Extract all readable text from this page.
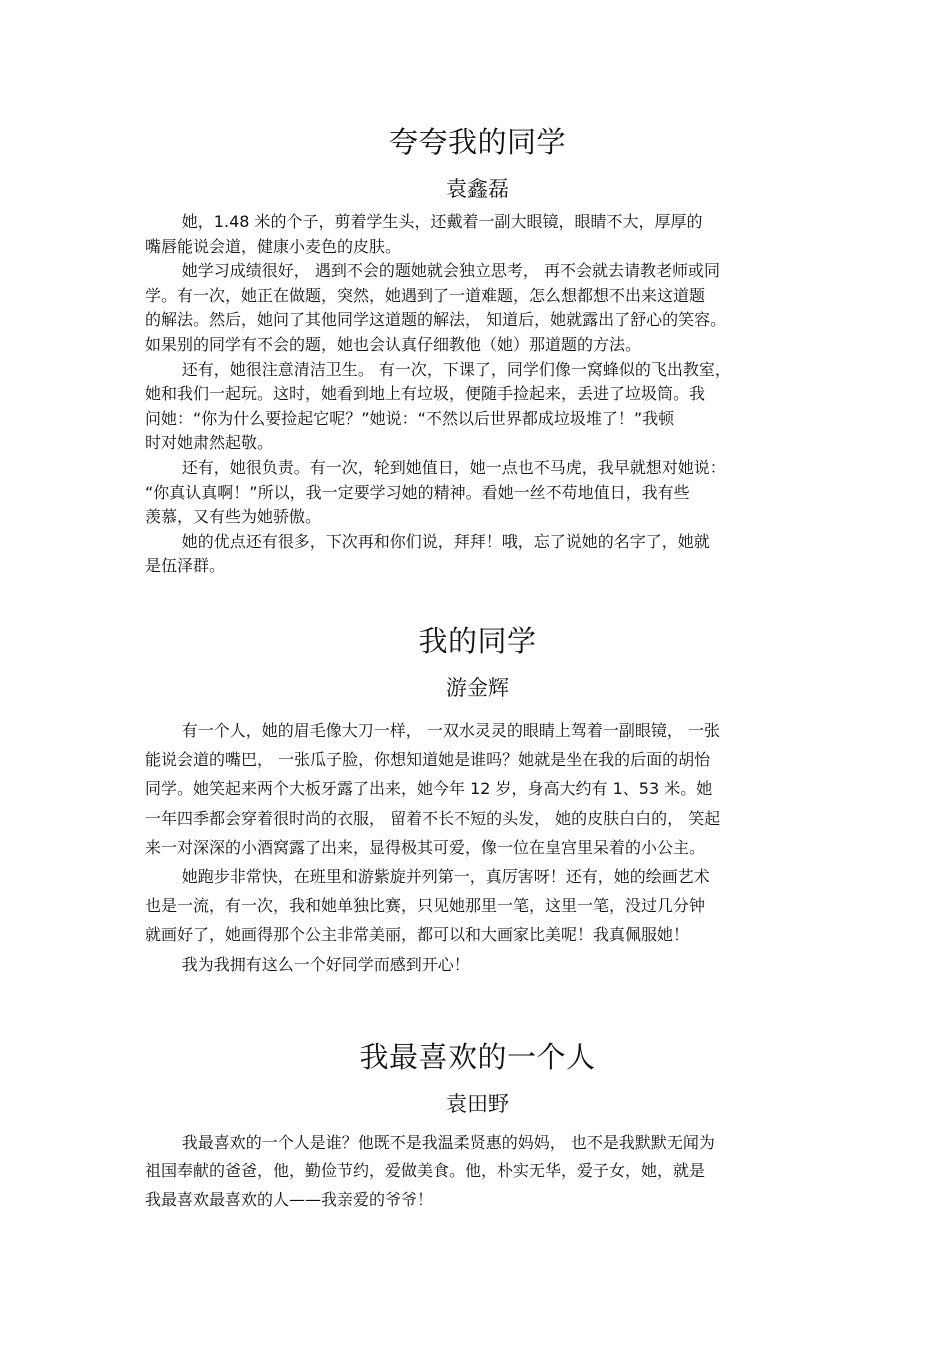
夸夸我的同学
袁鑫磊

她，1.48 米的个子，剪着学生头，还戴着一副大眼镜，眼睛不大，厚厚的
嘴唇能说会道，健康小麦色的皮肤。

她学习成绩很好， 遇到不会的题她就会独立思考， 再不会就去请教老师或同
学。有一次，她正在做题，突然，她遇到了一道难题，怎么想都想不出来这道题
的解法。然后，她问了其他同学这道题的解法， 知道后，她就露出了舒心的笑容。
如果别的同学有不会的题，她也会认真仔细教他（她）那道题的方法。

还有，她很注意清洁卫生。 有一次，下课了，同学们像一窝蜂似的飞出教室，
她和我们一起玩。这时，她看到地上有垃圾，便随手捡起来，丢进了垃圾筒。我
问她：“你为什么要捡起它呢？”她说：“不然以后世界都成垃圾堆了！”我顿
时对她肃然起敬。

还有，她很负责。有一次，轮到她值日，她一点也不马虎，我早就想对她说：
“你真认真啊！”所以，我一定要学习她的精神。看她一丝不苟地值日，我有些
羡慕，又有些为她骄傲。

她的优点还有很多，下次再和你们说，拜拜！哦，忘了说她的名字了，她就
是伍泽群。

我的同学
游金辉

有一个人，她的眉毛像大刀一样， 一双水灵灵的眼睛上驾着一副眼镜， 一张
能说会道的嘴巴， 一张瓜子脸，你想知道她是谁吗？她就是坐在我的后面的胡怡
同学。她笑起来两个大板牙露了出来，她今年 12 岁，身高大约有 1、53 米。她
一年四季都会穿着很时尚的衣服， 留着不长不短的头发， 她的皮肤白白的， 笑起
来一对深深的小酒窝露了出来，显得极其可爱，像一位在皇宫里呆着的小公主。

她跑步非常快，在班里和游紫旋并列第一，真厉害呀！还有，她的绘画艺术
也是一流，有一次，我和她单独比赛，只见她那里一笔，这里一笔，没过几分钟
就画好了，她画得那个公主非常美丽，都可以和大画家比美呢！我真佩服她！

我为我拥有这么一个好同学而感到开心！

我最喜欢的一个人
袁田野

我最喜欢的一个人是谁？他既不是我温柔贤惠的妈妈， 也不是我默默无闻为
祖国奉献的爸爸，他，勤俭节约，爱做美食。他，朴实无华，爱子女，她，就是
我最喜欢最喜欢的人——我亲爱的爷爷！
